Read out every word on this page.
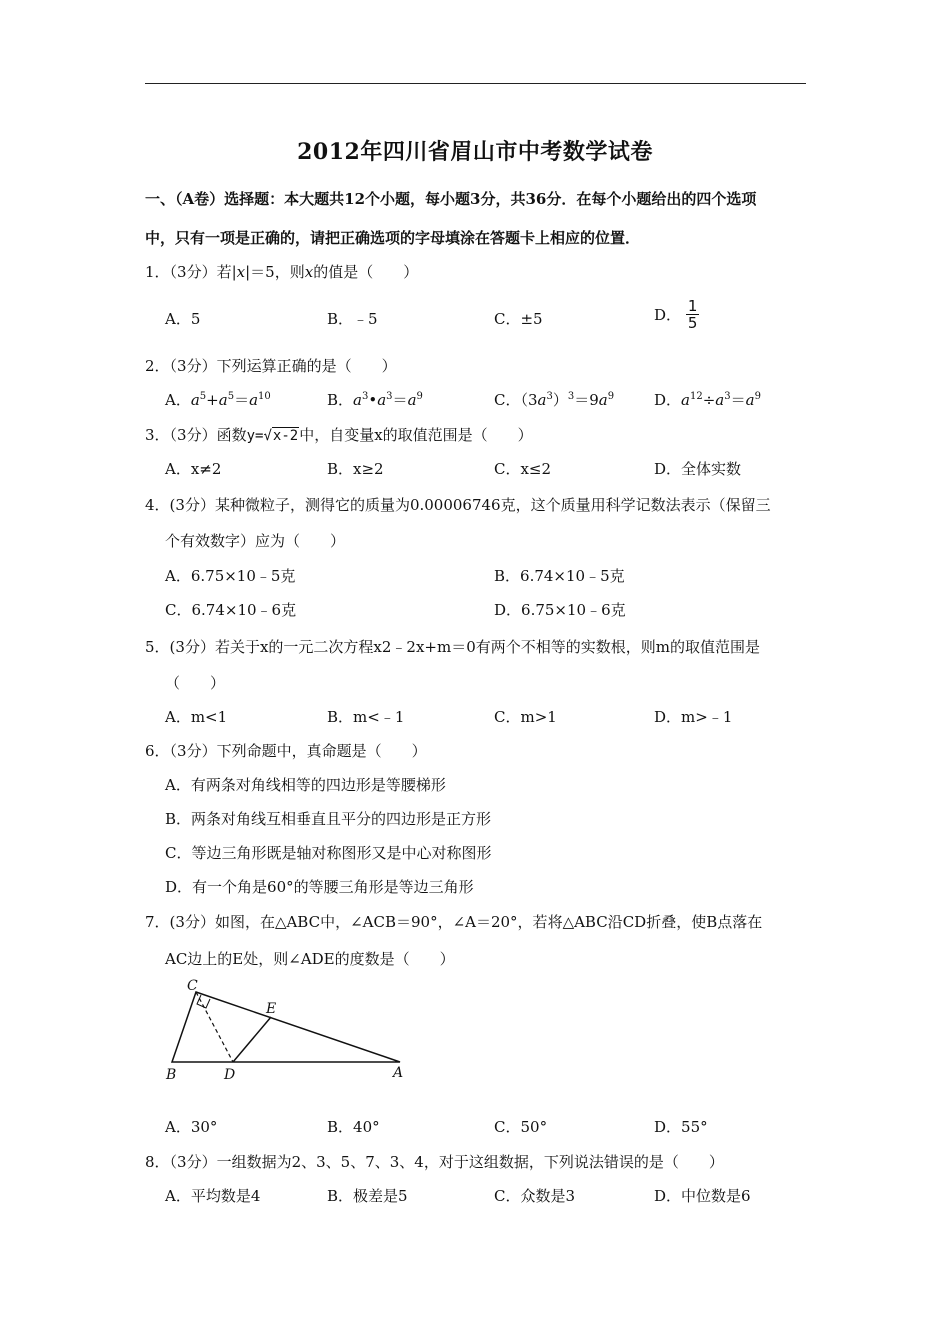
2012年四川省眉山市中考数学试卷
一、（A卷）选择题：本大题共12个小题，每小题3分，共36分．在每个小题给出的四个选项
中，只有一项是正确的，请把正确选项的字母填涂在答题卡上相应的位置．
1．（3分）若|x|＝5，则x的值是（　　）
A．5	B．﹣5	C．±5	D． $\frac{1}{5}$
2．（3分）下列运算正确的是（　　）
A．$a^5+a^5=a^{10}$	B．$a^3•a^3=a^9$	C．$(3a^3)^3=9a^9$	D．$a^{12}\div a^3=a^9$
3．（3分）函数y=√x-2中，自变量x的取值范围是（　　）
A．x≠2	B．x≥2	C．x≤2	D．全体实数
4．(3分）某种微粒子，测得它的质量为0.00006746克，这个质量用科学记数法表示（保留三
个有效数字）应为（　　）
A．6.75×10﹣5克	B．6.74×10﹣5克
C．6.74×10﹣6克	D．6.75×10﹣6克
5．(3分）若关于x的一元二次方程x2﹣2x+m＝0有两个不相等的实数根，则m的取值范围是
（　　）
A．m<1	B．m<﹣1	C．m>1	D．m>﹣1
6．（3分）下列命题中，真命题是（　　）
A．有两条对角线相等的四边形是等腰梯形
B．两条对角线互相垂直且平分的四边形是正方形
C．等边三角形既是轴对称图形又是中心对称图形
D．有一个角是60°的等腰三角形是等边三角形
7．(3分）如图，在△ABC中，∠ACB＝90°，∠A＝20°，若将△ABC沿CD折叠，使B点落在
AC边上的E处，则∠ADE的度数是（　　）
C
E
B	D	A
A．30°	B．40°	C．50°	D．55°
8．（3分）一组数据为2、3、5、7、3、4，对于这组数据，下列说法错误的是（　　）
A．平均数是4	B．极差是5	C．众数是3	D．中位数是6
